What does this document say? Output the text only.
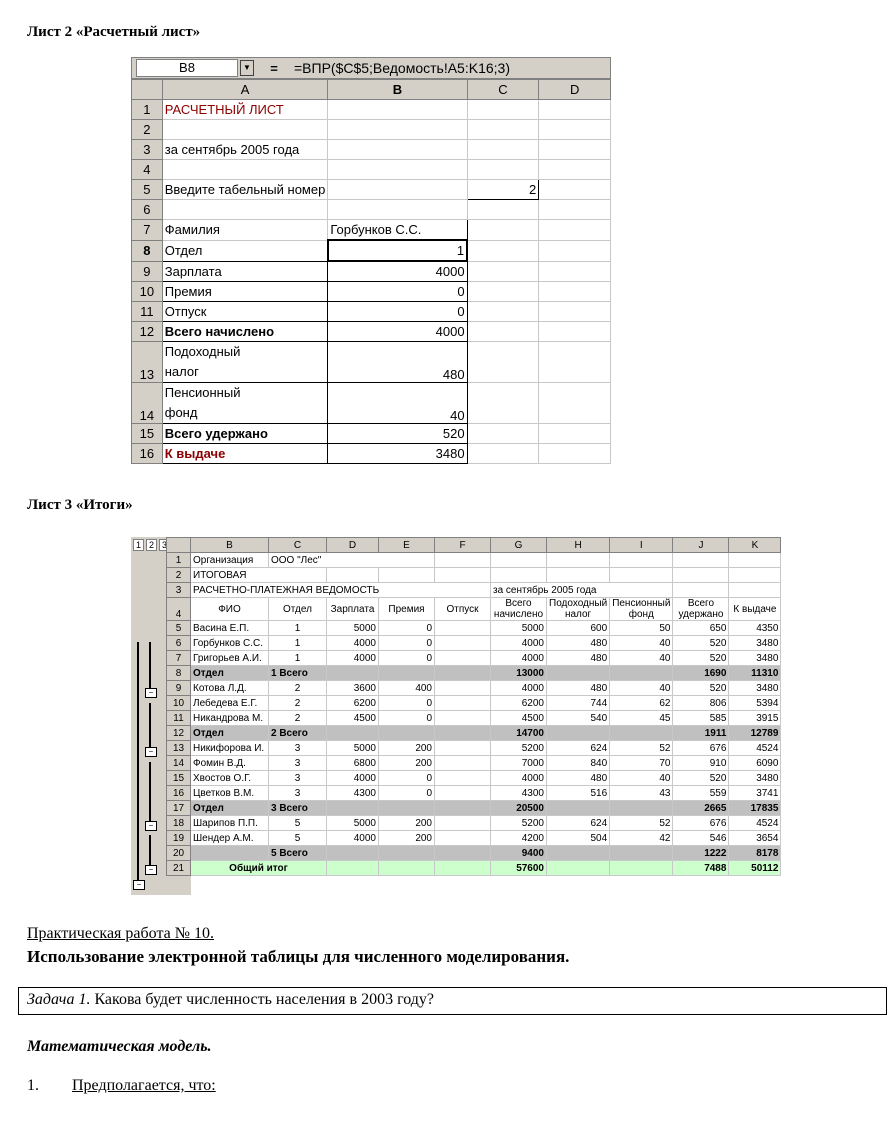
Лист 2 «Расчетный лист»
B8	▼	=	=ВПР($C$5;Ведомость!A5:K16;3)
	A	B	C	D
1	РАСЧЕТНЫЙ ЛИСТ			
2				
3	за сентябрь 2005 года			
4				
5	Введите табельный номер		2	
6				
7	Фамилия	Горбунков С.С.		
8	Отдел	1		
9	Зарплата	4000		
10	Премия	0		
11	Отпуск	0		
12	Всего начислено	4000		
13	Подоходный
налог	480		
14	Пенсионный
фонд	40		
15	Всего удержано	520		
16	К выдаче	3480		
Лист 3 «Итоги»
1 2 3
−
−
−
−
−
	B	C	D	E	F	G	H	I	J	K
1	Организация	ООО "Лес"								
2	ИТОГОВАЯ									
3	РАСЧЕТНО-ПЛАТЕЖНАЯ ВЕДОМОСТЬ					за сентябрь 2005 года				
4	ФИО	Отдел	Зарплата	Премия	Отпуск	Всего начислено	Подоходный налог	Пенсионный фонд	Всего удержано	К выдаче
5	Васина Е.П.	1	5000	0		5000	600	50	650	4350
6	Горбунков С.С.	1	4000	0		4000	480	40	520	3480
7	Григорьев А.И.	1	4000	0		4000	480	40	520	3480
8	Отдел	1 Всего				13000			1690	11310
9	Котова Л.Д.	2	3600	400		4000	480	40	520	3480
10	Лебедева Е.Г.	2	6200	0		6200	744	62	806	5394
11	Никандрова М.	2	4500	0		4500	540	45	585	3915
12	Отдел	2 Всего				14700			1911	12789
13	Никифорова И.	3	5000	200		5200	624	52	676	4524
14	Фомин В.Д.	3	6800	200		7000	840	70	910	6090
15	Хвостов О.Г.	3	4000	0		4000	480	40	520	3480
16	Цветков В.М.	3	4300	0		4300	516	43	559	3741
17	Отдел	3 Всего				20500			2665	17835
18	Шарипов П.П.	5	5000	200		5200	624	52	676	4524
19	Шендер А.М.	5	4000	200		4200	504	42	546	3654
20		5 Всего				9400			1222	8178
21	Общий итог					57600			7488	50112
Практическая работа № 10.
Использование электронной таблицы для численного моделирования.
Задача 1. Какова будет численность населения в 2003 году?
Математическая модель.
1. Предполагается, что:
